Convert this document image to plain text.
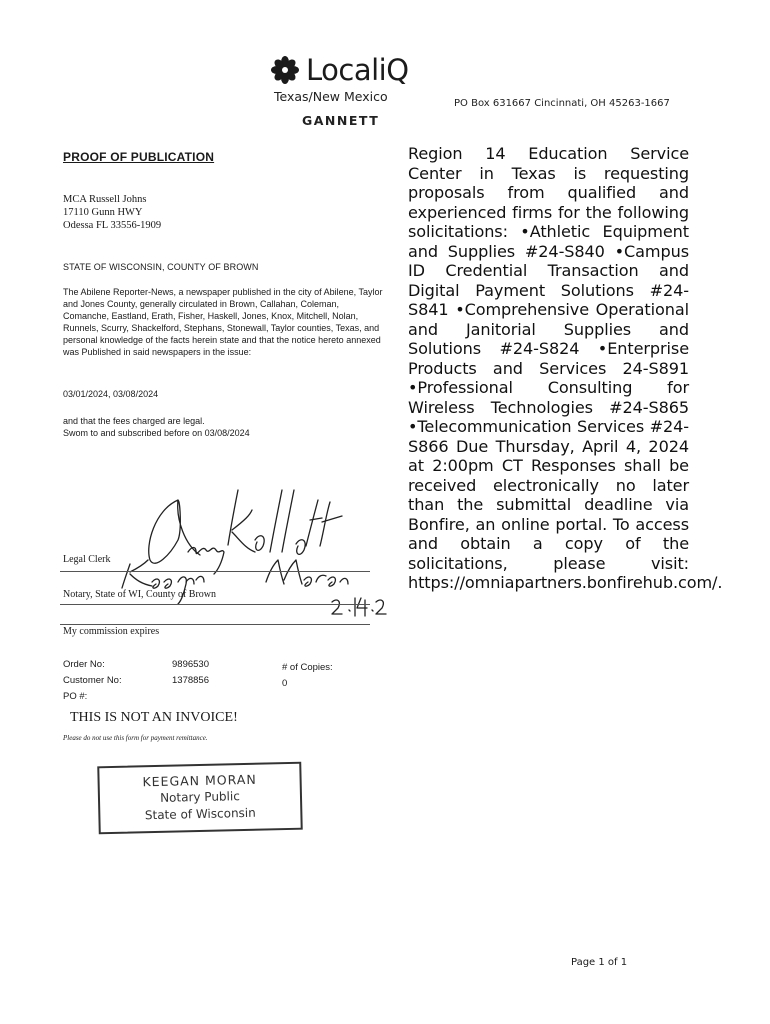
LocaliQ
Texas/New Mexico
GANNETT
PO Box 631667 Cincinnati, OH 45263-1667
PROOF OF PUBLICATION
MCA Russell Johns
17110 Gunn HWY
Odessa FL 33556-1909
STATE OF WISCONSIN, COUNTY OF BROWN
The Abilene Reporter-News, a newspaper published in the city of Abilene, Taylor and Jones County, generally circulated in Brown, Callahan, Coleman, Comanche, Eastland, Erath, Fisher, Haskell, Jones, Knox, Mitchell, Nolan, Runnels, Scurry, Shackelford, Stephans, Stonewall, Taylor counties, Texas, and personal knowledge of the facts herein state and that the notice hereto annexed was Published in said newspapers in the issue:
03/01/2024, 03/08/2024
and that the fees charged are legal.
Swom to and subscribed before on 03/08/2024
Legal Clerk
Notary, State of WI, County of Brown
My commission expires
Order No:	9896530
Customer No:	1378856
PO #:
# of Copies:
0
THIS IS NOT AN INVOICE!
Please do not use this form for payment remittance.
KEEGAN MORAN
Notary Public
State of Wisconsin
Region 14 Education Service Center in Texas is requesting proposals from qualified and experienced firms for the following solicitations: •Athletic Equipment and Supplies #24-S840 •Campus ID Credential Transaction and Digital Payment Solutions #24-S841 •Comprehensive Operational and Janitorial Supplies and Solutions #24-S824 •Enterprise Products and Services 24-S891 •Professional Consulting for Wireless Technologies #24-S865 •Telecommunication Services #24-S866 Due Thursday, April 4, 2024 at 2:00pm CT Responses shall be received electronically no later than the submittal deadline via Bonfire, an online portal. To access and obtain a copy of the solicitations, please visit: https://omniapartners.bonfirehub.com/.
Page 1 of 1
